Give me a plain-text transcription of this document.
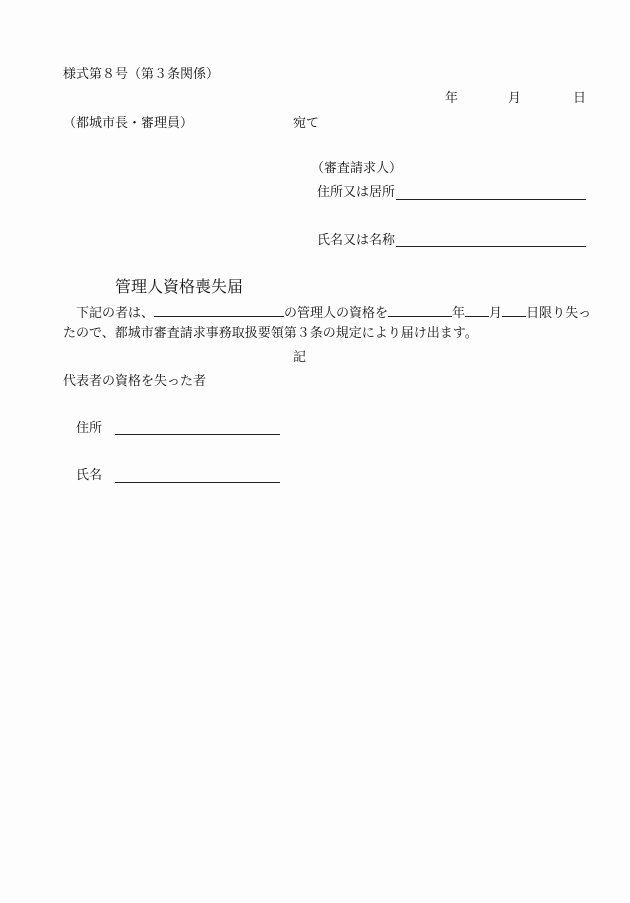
様式第８号（第３条関係）
年	月	日
（都城市長・審理員）	宛て
（審査請求人）
住所又は居所
氏名又は名称
管理人資格喪失届
下記の者は、	の管理人の資格を	年 月 日限り失っ
たので、都城市審査請求事務取扱要領第３条の規定により届け出ます。
記
代表者の資格を失った者
住所
氏名
